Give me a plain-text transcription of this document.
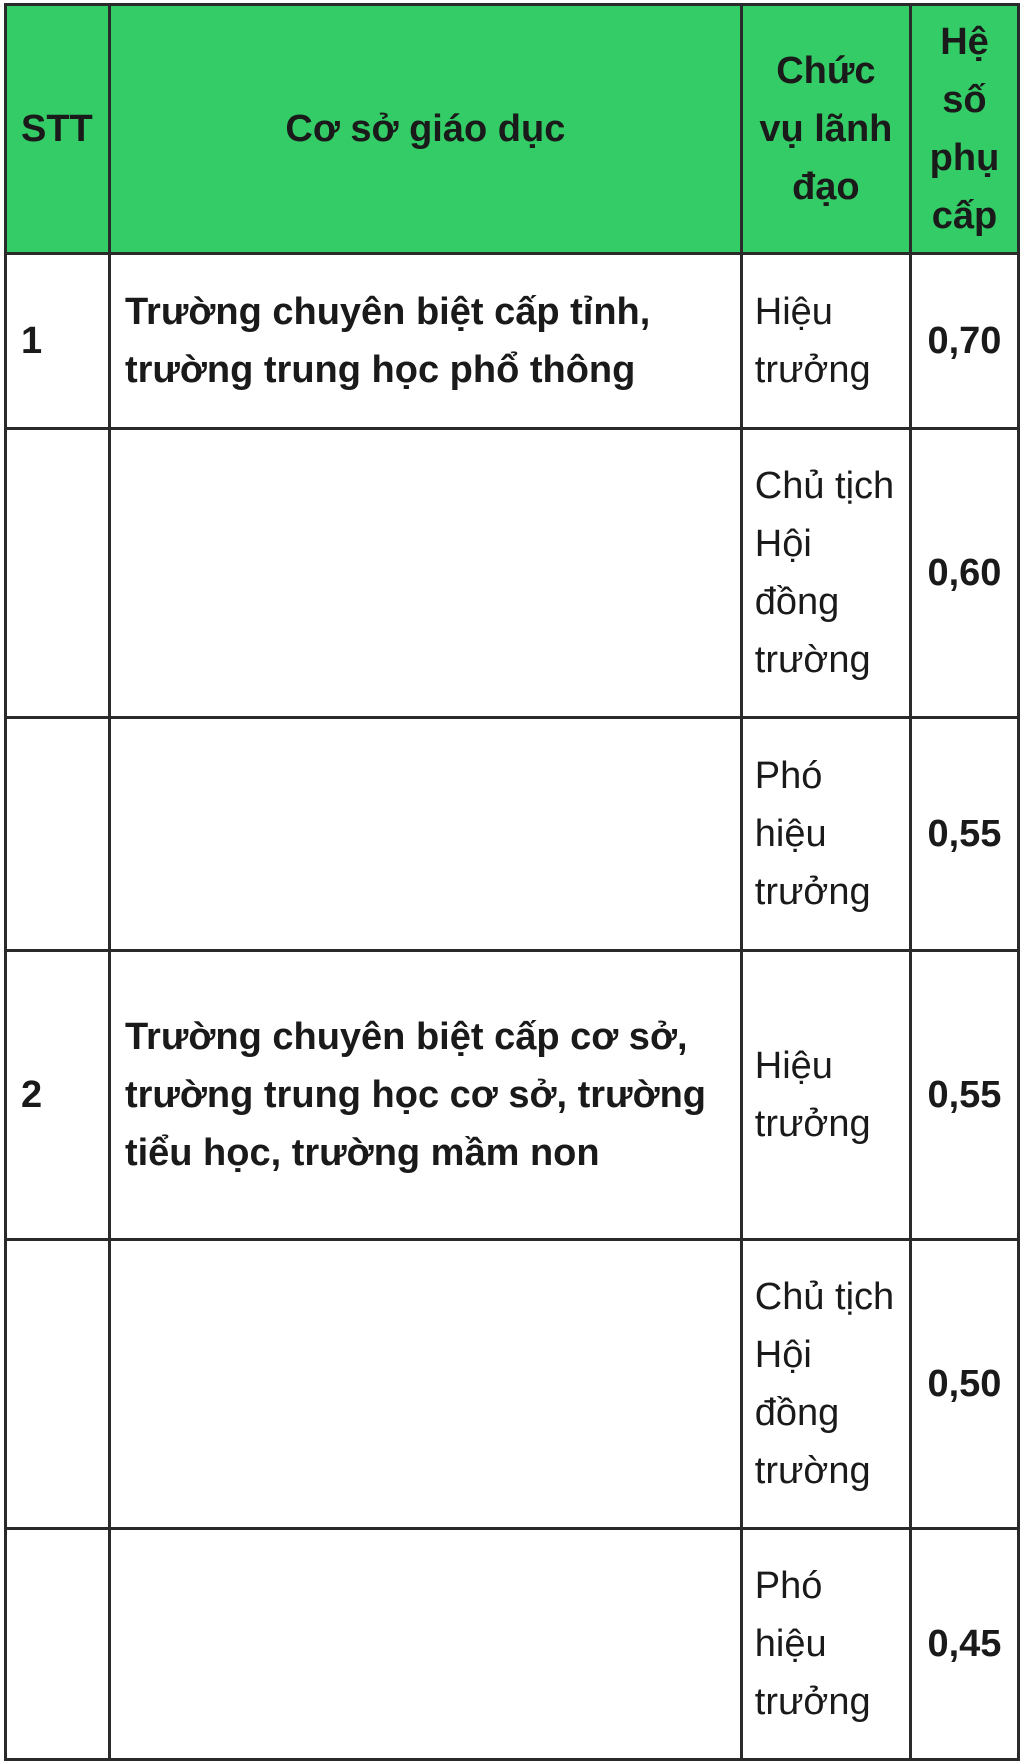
STT	Cơ sở giáo dục	Chức vụ lãnh đạo	Hệ số phụ cấp
1	Trường chuyên biệt cấp tỉnh, trường trung học phổ thông	Hiệu trưởng	0,70
		Chủ tịch Hội đồng trường	0,60
		Phó hiệu trưởng	0,55
2	Trường chuyên biệt cấp cơ sở, trường trung học cơ sở, trường tiểu học, trường mầm non	Hiệu trưởng	0,55
		Chủ tịch Hội đồng trường	0,50
		Phó hiệu trưởng	0,45
